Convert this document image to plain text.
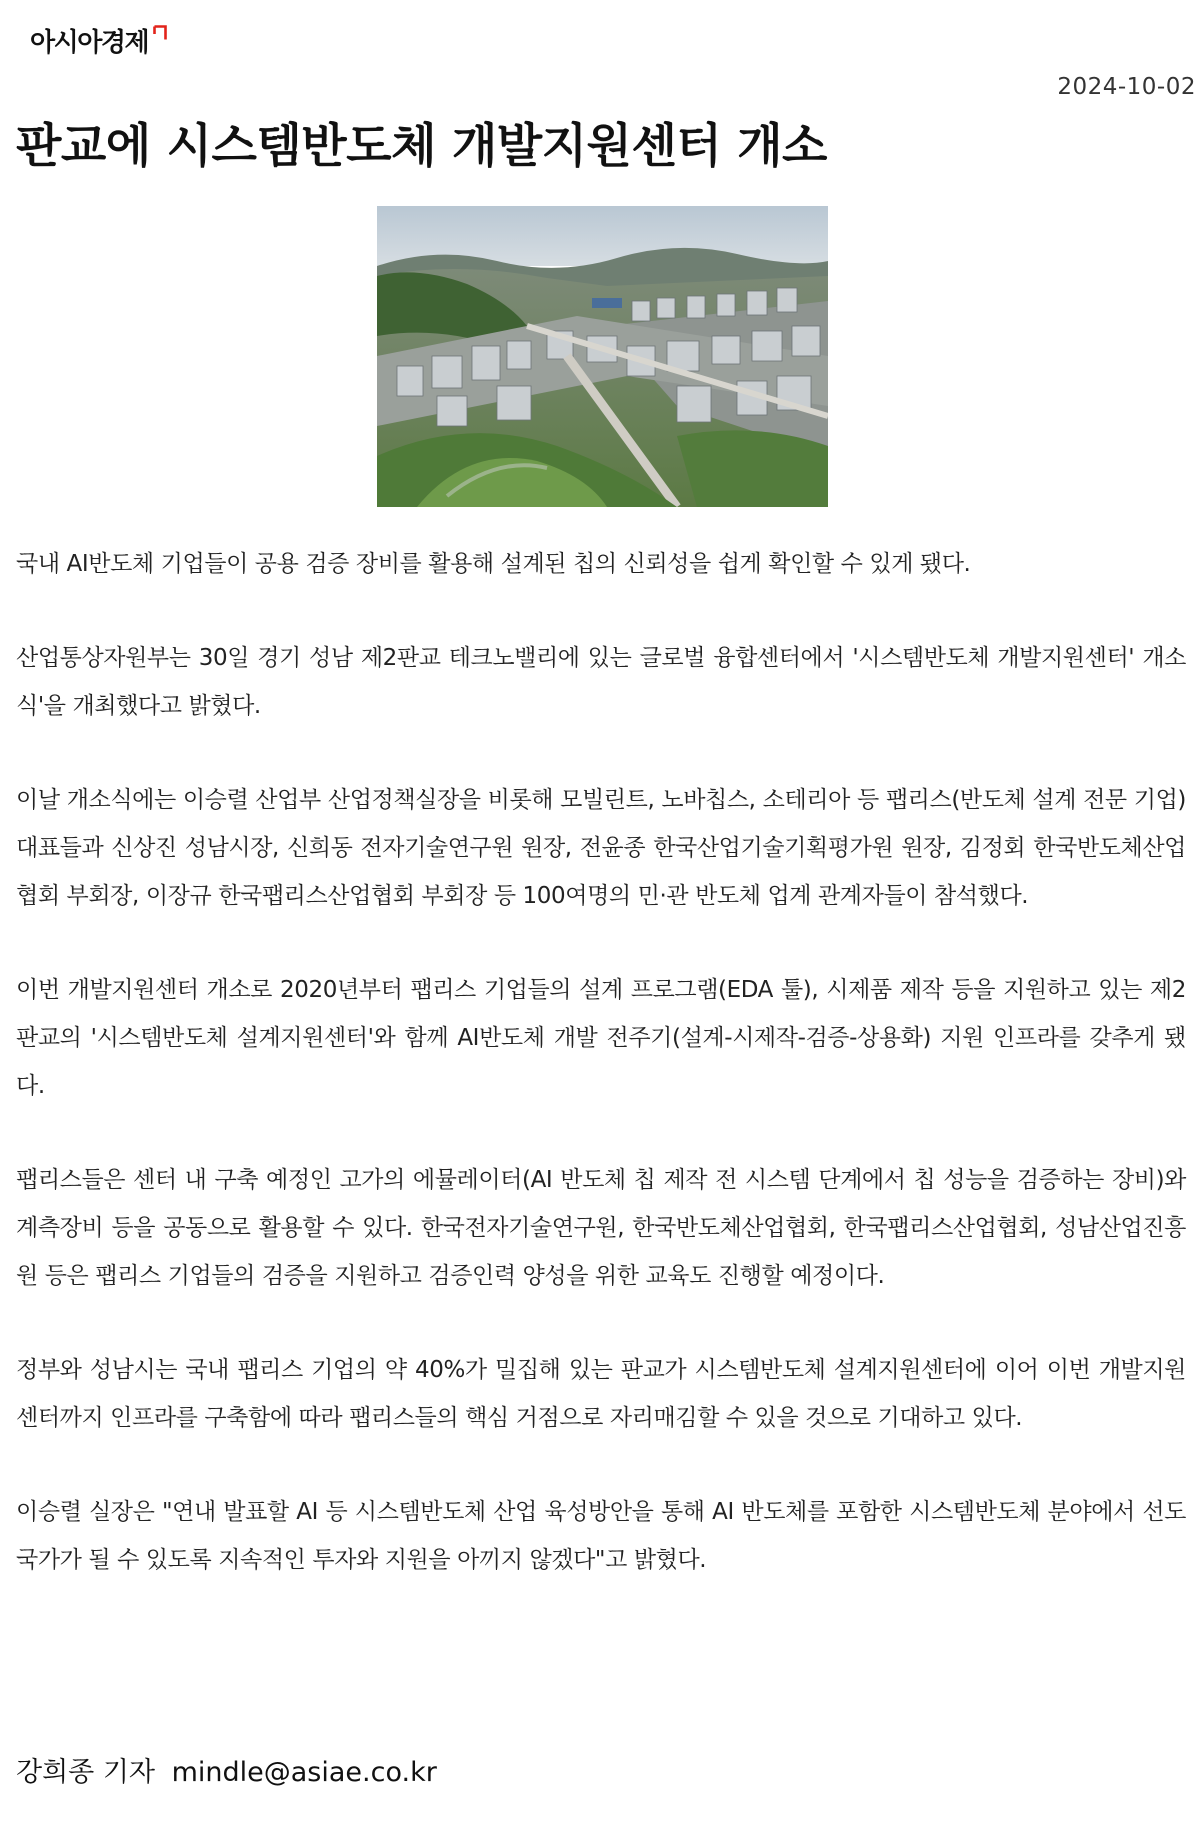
아시아경제
2024-10-02
판교에 시스템반도체 개발지원센터 개소

국내 AI반도체 기업들이 공용 검증 장비를 활용해 설계된 칩의 신뢰성을 쉽게 확인할 수 있게 됐다.

산업통상자원부는 30일 경기 성남 제2판교 테크노밸리에 있는 글로벌 융합센터에서 '시스템반도체 개발지원센터' 개소식'을 개최했다고 밝혔다.

이날 개소식에는 이승렬 산업부 산업정책실장을 비롯해 모빌린트, 노바칩스, 소테리아 등 팹리스(반도체 설계 전문 기업) 대표들과 신상진 성남시장, 신희동 전자기술연구원 원장, 전윤종 한국산업기술기획평가원 원장, 김정회 한국반도체산업협회 부회장, 이장규 한국팹리스산업협회 부회장 등 100여명의 민·관 반도체 업계 관계자들이 참석했다.

이번 개발지원센터 개소로 2020년부터 팹리스 기업들의 설계 프로그램(EDA 툴), 시제품 제작 등을 지원하고 있는 제2판교의 '시스템반도체 설계지원센터'와 함께 AI반도체 개발 전주기(설계-시제작-검증-상용화) 지원 인프라를 갖추게 됐다.

팹리스들은 센터 내 구축 예정인 고가의 에뮬레이터(AI 반도체 칩 제작 전 시스템 단계에서 칩 성능을 검증하는 장비)와 계측장비 등을 공동으로 활용할 수 있다. 한국전자기술연구원, 한국반도체산업협회, 한국팹리스산업협회, 성남산업진흥원 등은 팹리스 기업들의 검증을 지원하고 검증인력 양성을 위한 교육도 진행할 예정이다.

정부와 성남시는 국내 팹리스 기업의 약 40%가 밀집해 있는 판교가 시스템반도체 설계지원센터에 이어 이번 개발지원센터까지 인프라를 구축함에 따라 팹리스들의 핵심 거점으로 자리매김할 수 있을 것으로 기대하고 있다.

이승렬 실장은 "연내 발표할 AI 등 시스템반도체 산업 육성방안을 통해 AI 반도체를 포함한 시스템반도체 분야에서 선도 국가가 될 수 있도록 지속적인 투자와 지원을 아끼지 않겠다"고 밝혔다.

강희종 기자 mindle@asiae.co.kr
